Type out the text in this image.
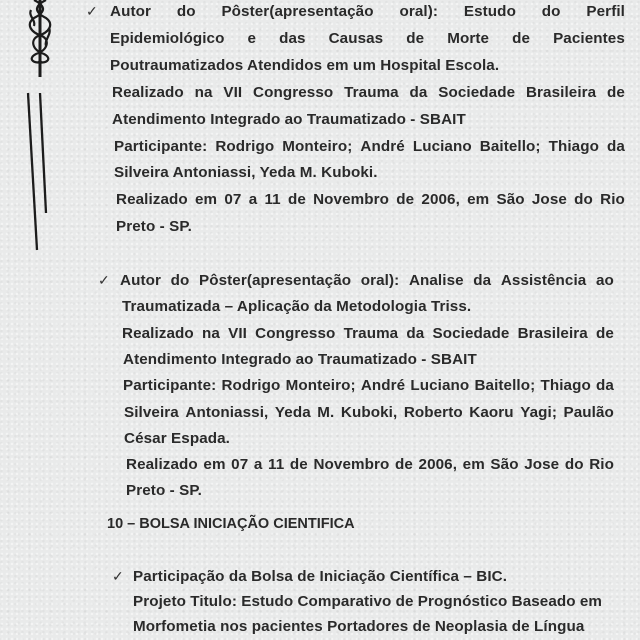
✓ Autor do Pôster(apresentação oral): Estudo do Perfil
Epidemiológico e das Causas de Morte de Pacientes
Poutraumatizados Atendidos em um Hospital Escola.
Realizado na VII Congresso Trauma da Sociedade Brasileira de
Atendimento Integrado ao Traumatizado - SBAIT
Participante: Rodrigo Monteiro; André Luciano Baitello; Thiago da
Silveira Antoniassi, Yeda M. Kuboki.
Realizado em 07 a 11 de Novembro de 2006, em São Jose do Rio
Preto - SP.
✓ Autor do Pôster(apresentação oral): Analise da Assistência ao
Traumatizada – Aplicação da Metodologia Triss.
Realizado na VII Congresso Trauma da Sociedade Brasileira de
Atendimento Integrado ao Traumatizado - SBAIT
Participante: Rodrigo Monteiro; André Luciano Baitello; Thiago da
Silveira Antoniassi, Yeda M. Kuboki, Roberto Kaoru Yagi; Paulão
César Espada.
Realizado em 07 a 11 de Novembro de 2006, em São Jose do Rio
Preto - SP.
10 – BOLSA INICIAÇÃO CIENTIFICA
✓ Participação da Bolsa de Iniciação Científica – BIC.
Projeto Titulo: Estudo Comparativo de Prognóstico Baseado em
Morfometia nos pacientes Portadores de Neoplasia de Língua
